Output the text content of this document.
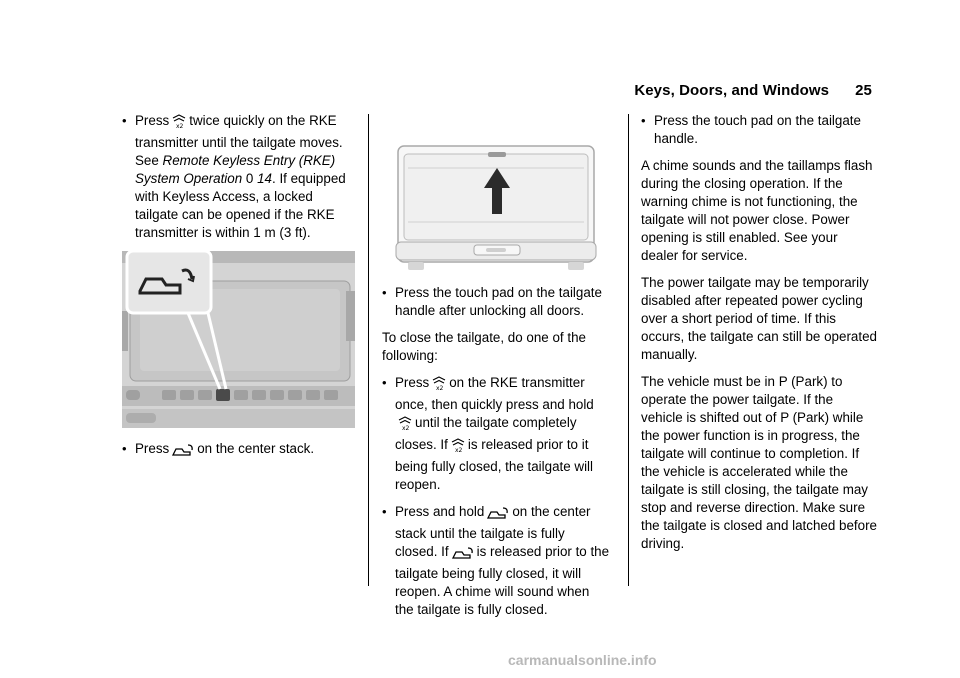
Keys, Doors, and Windows 25
• Press x2 twice quickly on the RKE transmitter until the tailgate moves. See Remote Keyless Entry (RKE) System Operation 0 14. If equipped with Keyless Access, a locked tailgate can be opened if the RKE transmitter is within 1 m (3 ft).
• Press on the center stack.
• Press the touch pad on the tailgate handle after unlocking all doors.

To close the tailgate, do one of the following:

• Press x2 on the RKE transmitter once, then quickly press and hold
x2 until the tailgate completely closes. If x2 is released prior to it being fully closed, the tailgate will reopen.
• Press and hold on the center stack until the tailgate is fully closed. If is released prior to the tailgate being fully closed, it will reopen. A chime will sound when the tailgate is fully closed.
• Press the touch pad on the tailgate handle.

A chime sounds and the taillamps flash during the closing operation. If the warning chime is not functioning, the tailgate will not power close. Power opening is still enabled. See your dealer for service.

The power tailgate may be temporarily disabled after repeated power cycling over a short period of time. If this occurs, the tailgate can still be operated manually.

The vehicle must be in P (Park) to operate the power tailgate. If the vehicle is shifted out of P (Park) while the power function is in progress, the tailgate will continue to completion. If the vehicle is accelerated while the tailgate is still closing, the tailgate may stop and reverse direction. Make sure the tailgate is closed and latched before driving.

carmanualsonline.info
